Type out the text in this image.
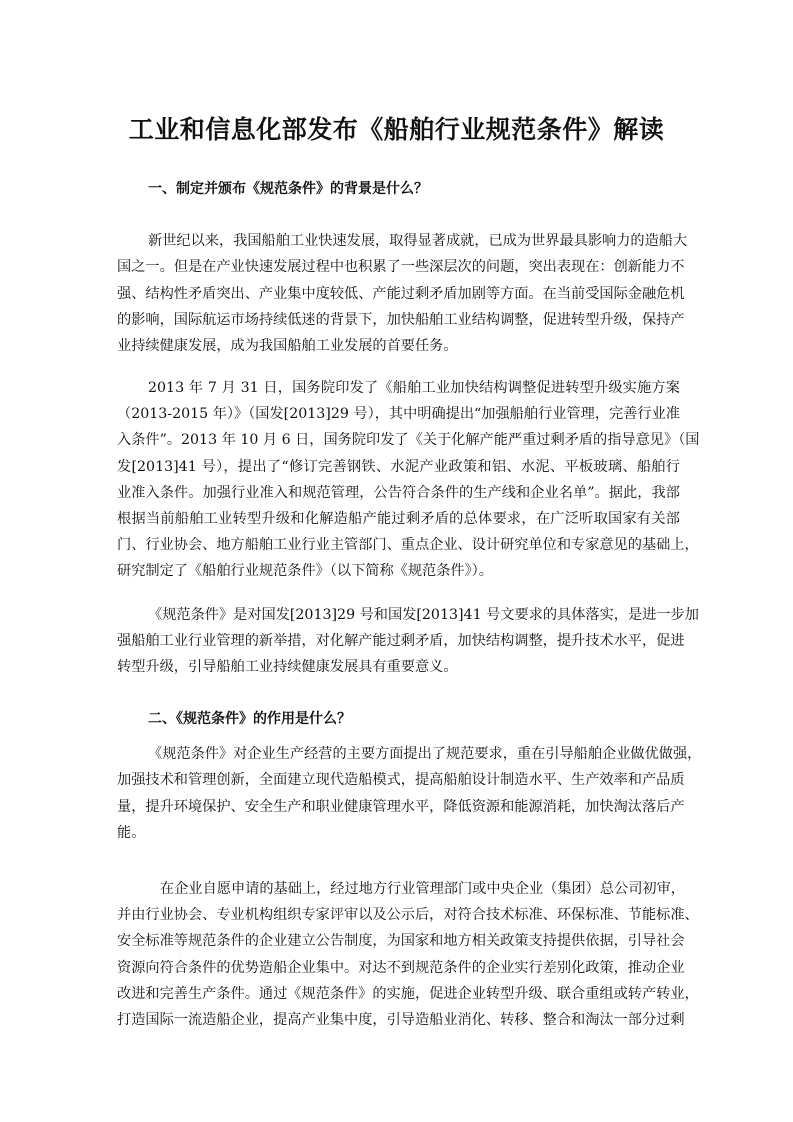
工业和信息化部发布《船舶行业规范条件》解读
一、制定并颁布《规范条件》的背景是什么？
二、《规范条件》的作用是什么？
新世纪以来，我国船舶工业快速发展，取得显著成就，已成为世界最具影响力的造船大
国之一。但是在产业快速发展过程中也积累了一些深层次的问题，突出表现在：创新能力不
强、结构性矛盾突出、产业集中度较低、产能过剩矛盾加剧等方面。在当前受国际金融危机
的影响，国际航运市场持续低迷的背景下，加快船舶工业结构调整，促进转型升级，保持产
业持续健康发展，成为我国船舶工业发展的首要任务。
2013 年 7 月 31 日，国务院印发了《船舶工业加快结构调整促进转型升级实施方案
（2013-2015 年）》（国发[2013]29 号），其中明确提出“加强船舶行业管理，完善行业准
入条件”。2013 年 10 月 6 日，国务院印发了《关于化解产能严重过剩矛盾的指导意见》（国
发[2013]41 号），提出了“修订完善钢铁、水泥产业政策和铝、水泥、平板玻璃、船舶行
业准入条件。加强行业准入和规范管理，公告符合条件的生产线和企业名单”。据此，我部
根据当前船舶工业转型升级和化解造船产能过剩矛盾的总体要求，在广泛听取国家有关部
门、行业协会、地方船舶工业行业主管部门、重点企业、设计研究单位和专家意见的基础上，
研究制定了《船舶行业规范条件》（以下简称《规范条件》）。
《规范条件》是对国发[2013]29 号和国发[2013]41 号文要求的具体落实，是进一步加
强船舶工业行业管理的新举措，对化解产能过剩矛盾，加快结构调整，提升技术水平，促进
转型升级，引导船舶工业持续健康发展具有重要意义。
《规范条件》对企业生产经营的主要方面提出了规范要求，重在引导船舶企业做优做强，
加强技术和管理创新，全面建立现代造船模式，提高船舶设计制造水平、生产效率和产品质
量，提升环境保护、安全生产和职业健康管理水平，降低资源和能源消耗，加快淘汰落后产
能。
在企业自愿申请的基础上，经过地方行业管理部门或中央企业（集团）总公司初审，
并由行业协会、专业机构组织专家评审以及公示后，对符合技术标准、环保标准、节能标准、
安全标准等规范条件的企业建立公告制度，为国家和地方相关政策支持提供依据，引导社会
资源向符合条件的优势造船企业集中。对达不到规范条件的企业实行差别化政策，推动企业
改进和完善生产条件。通过《规范条件》的实施，促进企业转型升级、联合重组或转产转业，
打造国际一流造船企业，提高产业集中度，引导造船业消化、转移、整合和淘汰一部分过剩
